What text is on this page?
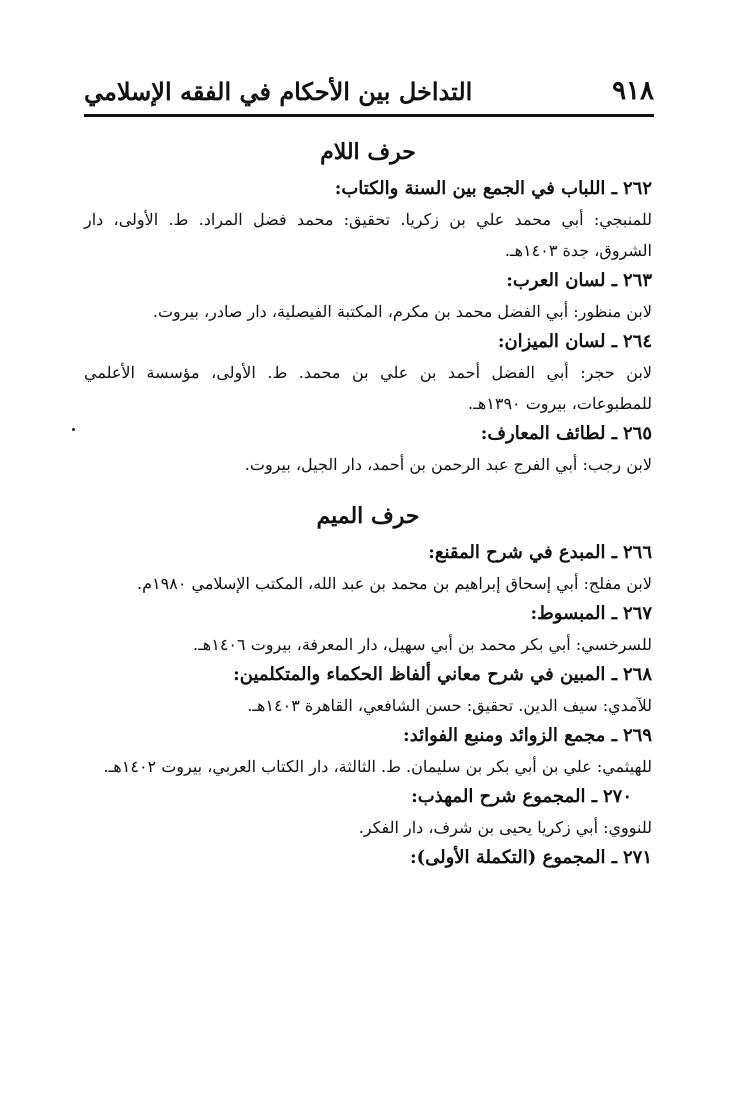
٩١٨
التداخل بين الأحكام في الفقه الإسلامي
حرف اللام
٢٦٢ـ اللباب في الجمع بين السنة والكتاب:
للمنبجي: أبي محمد علي بن زكريا. تحقيق: محمد فضل المراد. ط. الأولى، دار الشروق، جدة ١٤٠٣هـ.
٢٦٣ـ لسان العرب:
لابن منظور: أبي الفضل محمد بن مكرم، المكتبة الفيصلية، دار صادر، بيروت.
٢٦٤ـ لسان الميزان:
لابن حجر: أبي الفضل أحمد بن علي بن محمد. ط. الأولى، مؤسسة الأعلمي للمطبوعات، بيروت ١٣٩٠هـ.
٢٦٥ـ لطائف المعارف:
لابن رجب: أبي الفرج عبد الرحمن بن أحمد، دار الجيل، بيروت.
حرف الميم
٢٦٦ـ المبدع في شرح المقنع:
لابن مفلح: أبي إسحاق إبراهيم بن محمد بن عبد الله، المكتب الإسلامي ١٩٨٠م.
٢٦٧ـ المبسوط:
للسرخسي: أبي بكر محمد بن أبي سهيل، دار المعرفة، بيروت ١٤٠٦هـ.
٢٦٨ـ المبين في شرح معاني ألفاظ الحكماء والمتكلمين:
للآمدي: سيف الدين. تحقيق: حسن الشافعي، القاهرة ١٤٠٣هـ.
٢٦٩ـ مجمع الزوائد ومنبع الفوائد:
للهيثمي: علي بن أبي بكر بن سليمان. ط. الثالثة، دار الكتاب العربي، بيروت ١٤٠٢هـ.
٢٧٠ـ المجموع شرح المهذب:
للنووي: أبي زكريا يحيى بن شرف، دار الفكر.
٢٧١ـ المجموع (التكملة الأولى):
